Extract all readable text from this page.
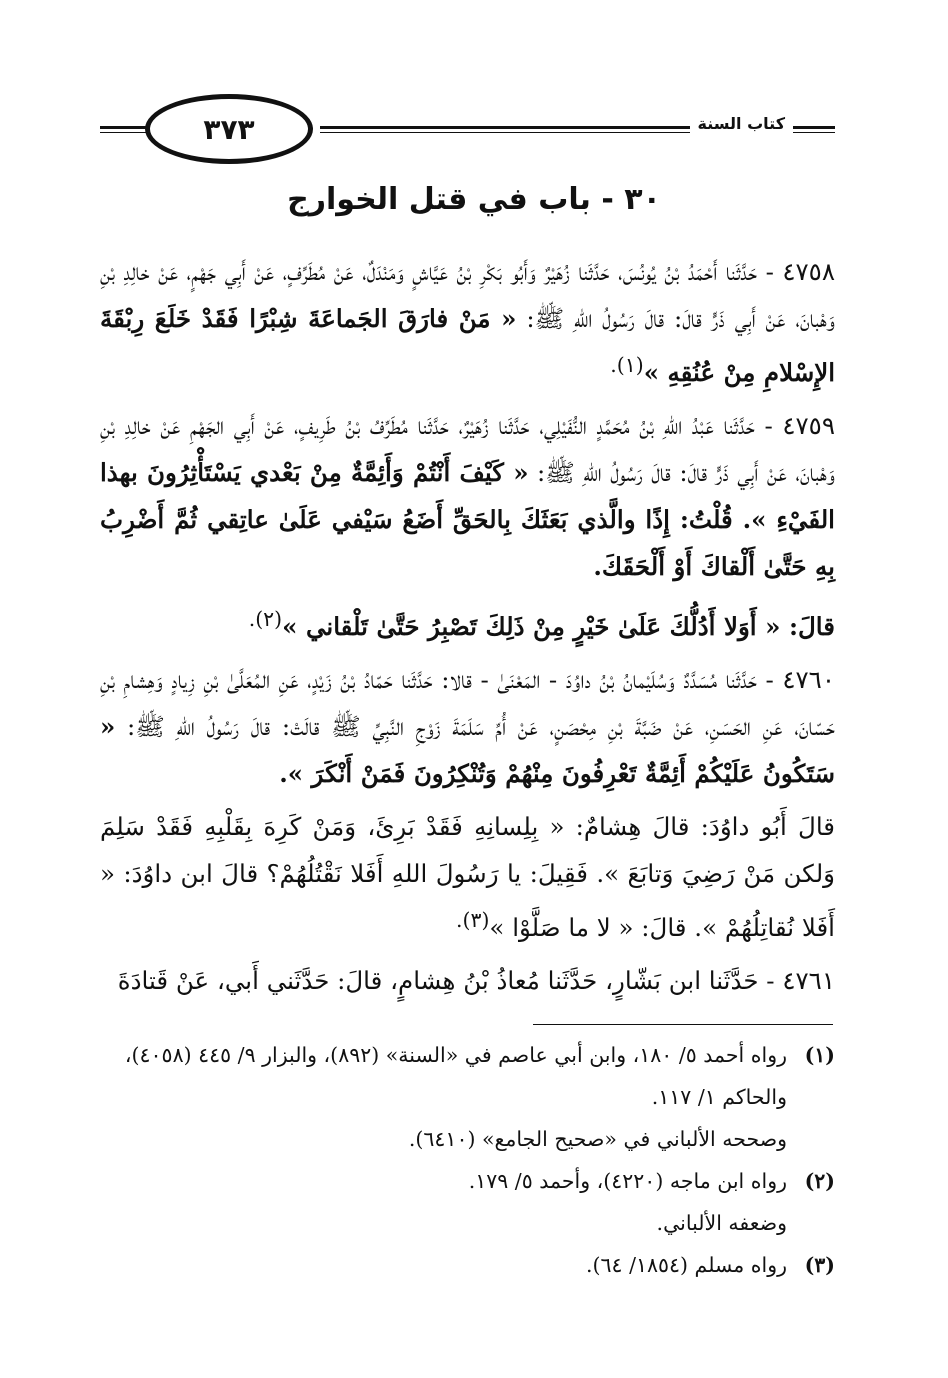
٣٧٣	كتاب السنة
٣٠ - باب في قتل الخوارج

٤٧٥٨ - حَدَّثَنا أَحْمَدُ بْنُ يُونُسَ، حَدَّثَنا زُهَيْرٌ وَأَبُو بَكْرِ بْنُ عَيَّاشٍ وَمَنْدَلٌ، عَنْ مُطَرِّفٍ، عَنْ أَبِي جَهْمٍ، عَنْ خالِدِ بْنِ وَهْبانَ، عَنْ أَبِي ذَرٍّ قالَ: قالَ رَسُولُ اللهِ ﷺ: « مَنْ فارَقَ الجَماعَةَ شِبْرًا فَقَدْ خَلَعَ رِبْقَةَ الإِسْلامِ مِنْ عُنُقِهِ »$^{(١).}$

٤٧٥٩ - حَدَّثَنا عَبْدُ اللهِ بْنُ مُحَمَّدٍ النُّفَيْلِي، حَدَّثَنا زُهَيْرٌ، حَدَّثَنا مُطَرِّفُ بْنُ طَرِيفٍ، عَنْ أَبِي الجَهْمِ عَنْ خالِدِ بْنِ وَهْبانَ، عَنْ أَبِي ذَرٍّ قالَ: قالَ رَسُولُ اللهِ ﷺ: « كَيْفَ أَنْتُمْ وَأَئِمَّةٌ مِنْ بَعْدي يَسْتَأْثِرُونَ بهذا الفَيْءِ ». قُلْتُ: إِذًا والَّذي بَعَثَكَ بِالحَقِّ أَضَعُ سَيْفي عَلَىٰ عاتِقي ثُمَّ أَضْرِبُ بِهِ حَتَّىٰ أَلْقاكَ أَوْ أَلْحَقَكَ.

قالَ: « أَوَلا أَدُلُّكَ عَلَىٰ خَيْرٍ مِنْ ذَلِكَ تَصْبِرُ حَتَّىٰ تَلْقاني »$^{(٢).}$

٤٧٦٠ - حَدَّثَنا مُسَدَّدٌ وَسُلَيْمانُ بْنُ داوُدَ - المَعْنَىٰ - قالا: حَدَّثَنا حَمّادُ بْنُ زَيْدٍ، عَنِ المُعَلَّىٰ بْنِ زِيادٍ وَهِشامِ بْنِ حَسّانَ، عَنِ الحَسَنِ، عَنْ ضَبَّةَ بْنِ مِحْصَنٍ، عَنْ أُمِّ سَلَمَةَ زَوْجِ النَّبِيِّ ﷺ قالَتْ: قالَ رَسُولُ اللهِ ﷺ: « سَتَكُونُ عَلَيْكُمْ أَئِمَّةٌ تَعْرِفُونَ مِنْهُمْ وَتُنْكِرُونَ فَمَنْ أَنْكَرَ ».

قالَ أَبُو داوُدَ: قالَ هِشامٌ: « بِلِسانِهِ فَقَدْ بَرِئَ، وَمَنْ كَرِهَ بِقَلْبِهِ فَقَدْ سَلِمَ وَلكن مَنْ رَضِيَ وَتابَعَ ». فَقِيلَ: يا رَسُولَ اللهِ أَفَلا نَقْتُلُهُمْ؟ قالَ ابن داوُدَ: « أَفَلا نُقاتِلُهُمْ ». قالَ: « لا ما صَلَّوْا »$^{(٣).}$

٤٧٦١ - حَدَّثَنا ابن بَشّارٍ، حَدَّثَنا مُعاذُ بْنُ هِشامٍ، قالَ: حَدَّثَني أَبي، عَنْ قَتادَةَ

(١)
رواه أحمد ٥/ ١٨٠، وابن أبي عاصم في «السنة» (٨٩٢)، والبزار ٩/ ٤٤٥ (٤٠٥٨)، والحاكم ١/ ١١٧.

وصححه الألباني في «صحيح الجامع» (٦٤١٠).

(٢)
رواه ابن ماجه (٤٢٢٠)، وأحمد ٥/ ١٧٩.

وضعفه الألباني.

(٣)
رواه مسلم (١٨٥٤/ ٦٤).
